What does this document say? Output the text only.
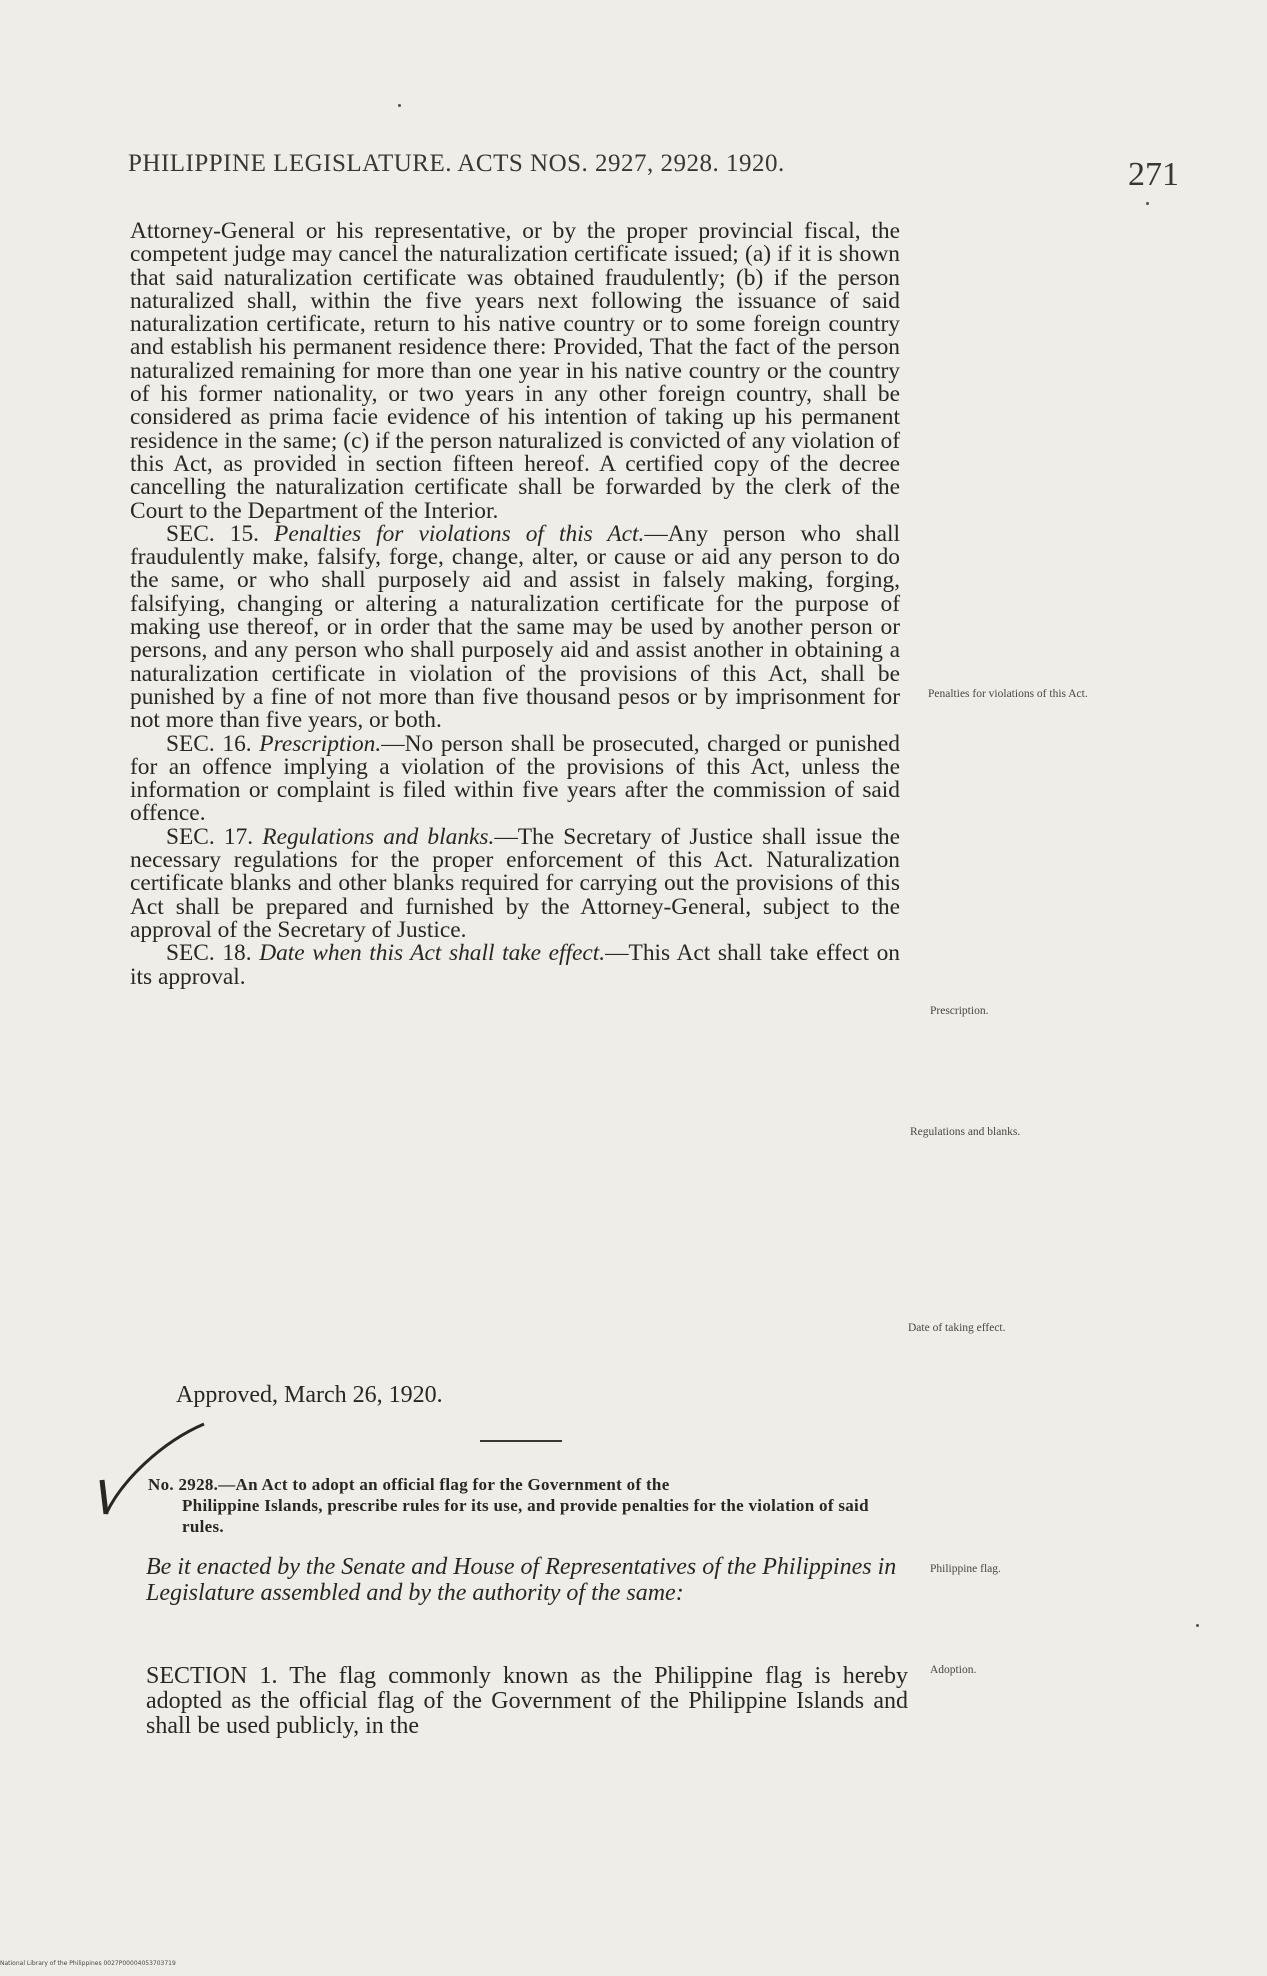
PHILIPPINE LEGISLATURE. ACTS NOS. 2927, 2928. 1920.	271

Attorney-General or his representative, or by the proper provincial fiscal, the competent judge may cancel the naturalization certificate issued; (a) if it is shown that said naturalization certificate was obtained fraudulently; (b) if the person naturalized shall, within the five years next following the issuance of said naturalization certificate, return to his native country or to some foreign country and establish his permanent residence there: Provided, That the fact of the person naturalized remaining for more than one year in his native country or the country of his former nationality, or two years in any other foreign country, shall be considered as prima facie evidence of his intention of taking up his permanent residence in the same; (c) if the person naturalized is convicted of any violation of this Act, as provided in section fifteen hereof. A certified copy of the decree cancelling the naturalization certificate shall be forwarded by the clerk of the Court to the Department of the Interior.

SEC. 15. Penalties for violations of this Act.—Any person who shall fraudulently make, falsify, forge, change, alter, or cause or aid any person to do the same, or who shall purposely aid and assist in falsely making, forging, falsifying, changing or altering a naturalization certificate for the purpose of making use thereof, or in order that the same may be used by another person or persons, and any person who shall purposely aid and assist another in obtaining a naturalization certificate in violation of the provisions of this Act, shall be punished by a fine of not more than five thousand pesos or by imprisonment for not more than five years, or both.

SEC. 16. Prescription.—No person shall be prosecuted, charged or punished for an offence implying a violation of the provisions of this Act, unless the information or complaint is filed within five years after the commission of said offence.

SEC. 17. Regulations and blanks.—The Secretary of Justice shall issue the necessary regulations for the proper enforcement of this Act. Naturalization certificate blanks and other blanks required for carrying out the provisions of this Act shall be prepared and furnished by the Attorney-General, subject to the approval of the Secretary of Justice.

SEC. 18. Date when this Act shall take effect.—This Act shall take effect on its approval.

Approved, March 26, 1920.
No. 2928.—An Act to adopt an official flag for the Government of the
Philippine Islands, prescribe rules for its use, and provide penalties for the violation of said rules.
Be it enacted by the Senate and House of Representatives of the Philippines in Legislature assembled and by the authority of the same:
SECTION 1. The flag commonly known as the Philippine flag is hereby adopted as the official flag of the Government of the Philippine Islands and shall be used publicly, in the
Penalties for violations of this Act.
Prescription.
Regulations and blanks.
Date of taking effect.
Philippine flag.
Adoption.
National Library of the Philippines 0027P00004053703719
